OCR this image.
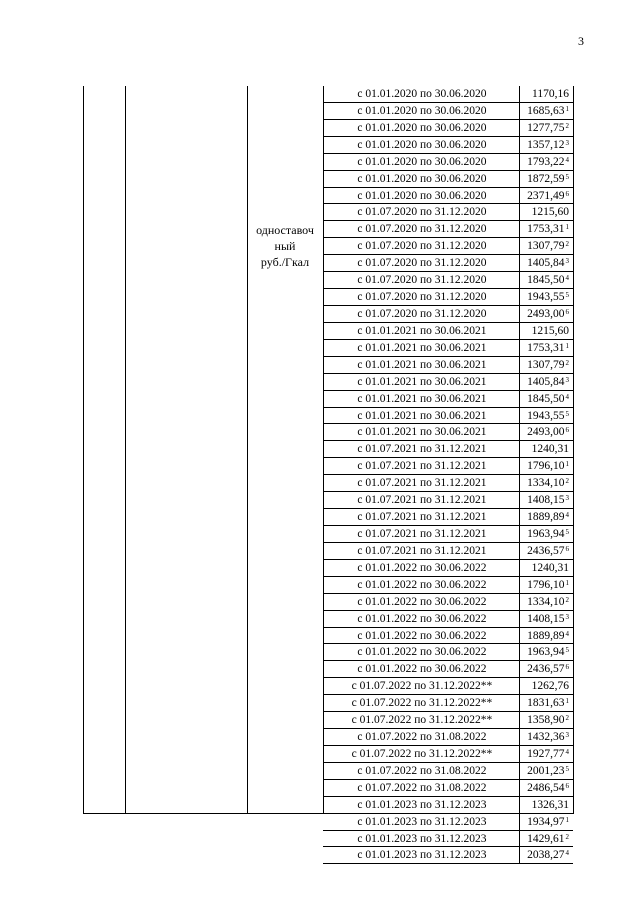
3
одноставоч
ный
руб./Гкал
с 01.01.2020 по 30.06.2020	1170,16
с 01.01.2020 по 30.06.2020	1685,63$^1$
с 01.01.2020 по 30.06.2020	1277,75$^2$
с 01.01.2020 по 30.06.2020	1357,12$^3$
с 01.01.2020 по 30.06.2020	1793,22$^4$
с 01.01.2020 по 30.06.2020	1872,59$^5$
с 01.01.2020 по 30.06.2020	2371,49$^6$
с 01.07.2020 по 31.12.2020	1215,60
с 01.07.2020 по 31.12.2020	1753,31$^1$
с 01.07.2020 по 31.12.2020	1307,79$^2$
с 01.07.2020 по 31.12.2020	1405,84$^3$
с 01.07.2020 по 31.12.2020	1845,50$^4$
с 01.07.2020 по 31.12.2020	1943,55$^5$
с 01.07.2020 по 31.12.2020	2493,00$^6$
с 01.01.2021 по 30.06.2021	1215,60
с 01.01.2021 по 30.06.2021	1753,31$^1$
с 01.01.2021 по 30.06.2021	1307,79$^2$
с 01.01.2021 по 30.06.2021	1405,84$^3$
с 01.01.2021 по 30.06.2021	1845,50$^4$
с 01.01.2021 по 30.06.2021	1943,55$^5$
с 01.01.2021 по 30.06.2021	2493,00$^6$
с 01.07.2021 по 31.12.2021	1240,31
с 01.07.2021 по 31.12.2021	1796,10$^1$
с 01.07.2021 по 31.12.2021	1334,10$^2$
с 01.07.2021 по 31.12.2021	1408,15$^3$
с 01.07.2021 по 31.12.2021	1889,89$^4$
с 01.07.2021 по 31.12.2021	1963,94$^5$
с 01.07.2021 по 31.12.2021	2436,57$^6$
с 01.01.2022 по 30.06.2022	1240,31
с 01.01.2022 по 30.06.2022	1796,10$^1$
с 01.01.2022 по 30.06.2022	1334,10$^2$
с 01.01.2022 по 30.06.2022	1408,15$^3$
с 01.01.2022 по 30.06.2022	1889,89$^4$
с 01.01.2022 по 30.06.2022	1963,94$^5$
с 01.01.2022 по 30.06.2022	2436,57$^6$
с 01.07.2022 по 31.12.2022**	1262,76
с 01.07.2022 по 31.12.2022**	1831,63$^1$
с 01.07.2022 по 31.12.2022**	1358,90$^2$
с 01.07.2022 по 31.08.2022	1432,36$^3$
с 01.07.2022 по 31.12.2022**	1927,77$^4$
с 01.07.2022 по 31.08.2022	2001,23$^5$
с 01.07.2022 по 31.08.2022	2486,54$^6$
с 01.01.2023 по 31.12.2023	1326,31
с 01.01.2023 по 31.12.2023	1934,97$^1$
с 01.01.2023 по 31.12.2023	1429,61$^2$
с 01.01.2023 по 31.12.2023	2038,27$^4$
